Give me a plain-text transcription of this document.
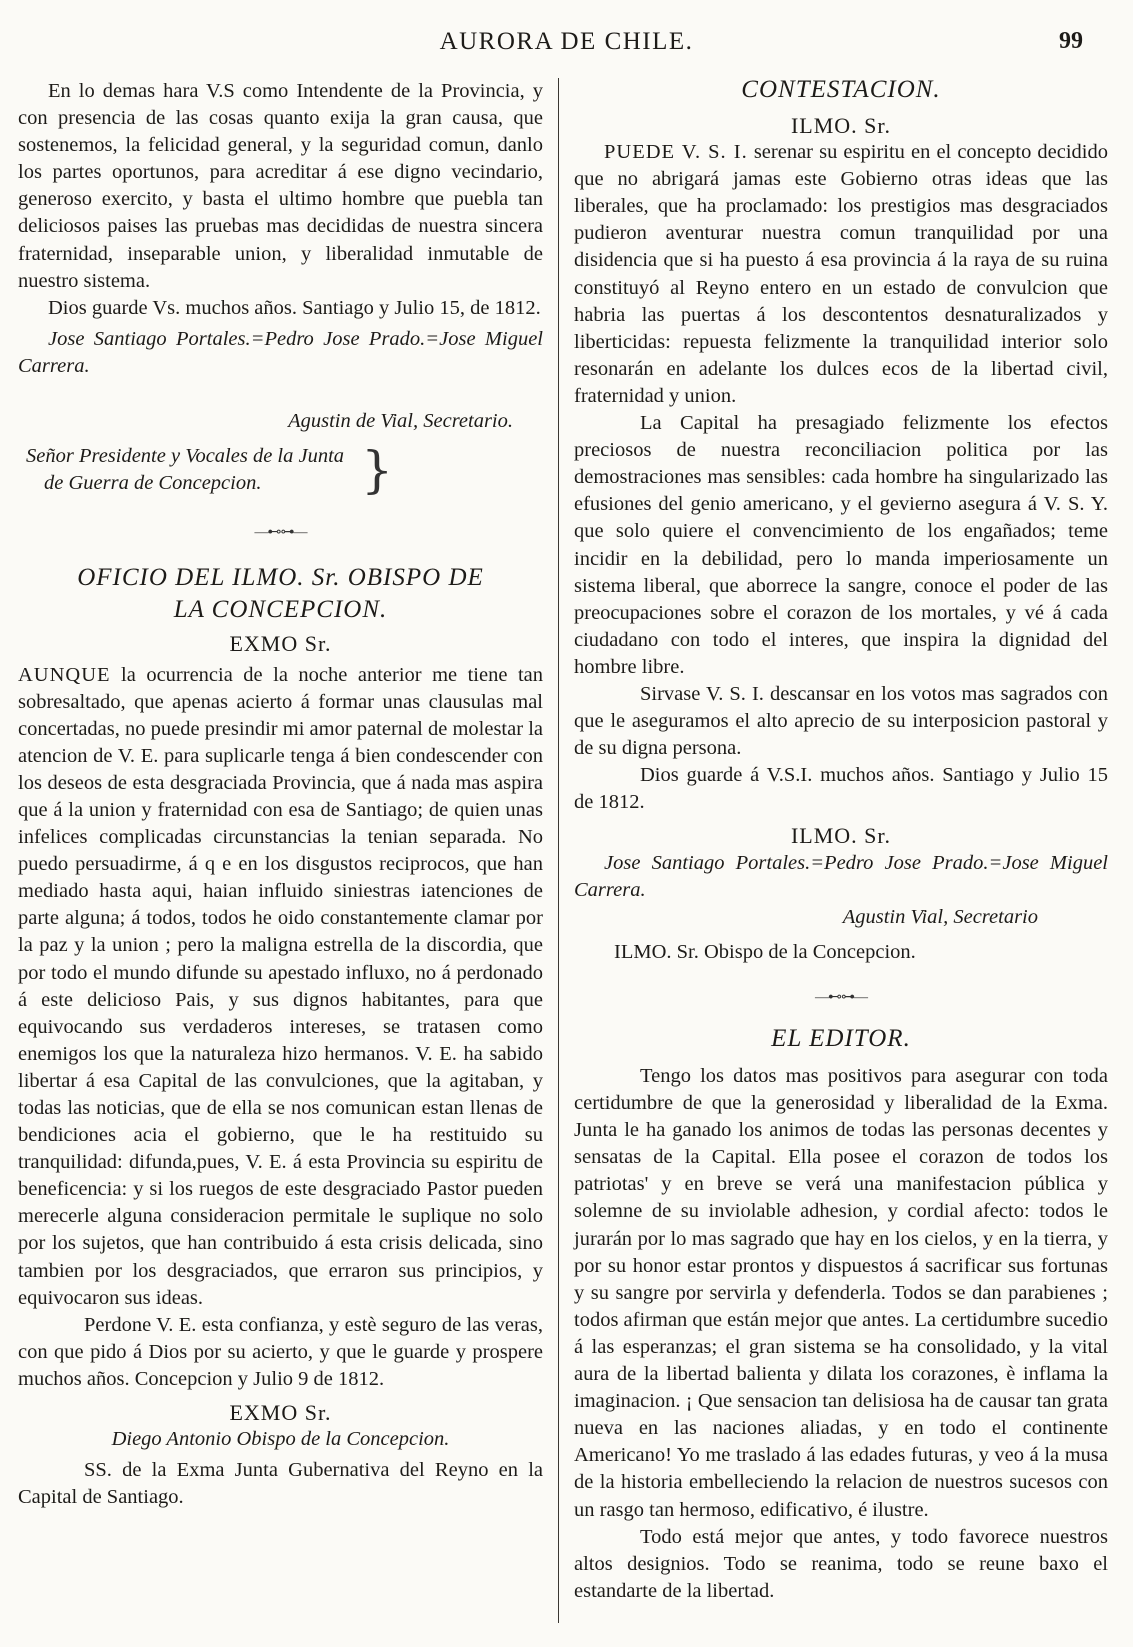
AURORA DE CHILE.	99

En lo demas hara V.S como Intendente de la Provincia, y con presencia de las cosas quanto exija la gran causa, que sostenemos, la felicidad general, y la seguridad comun, danlo los partes oportunos, para acreditar á ese digno vecindario, generoso exercito, y basta el ultimo hombre que puebla tan deliciosos paises las pruebas mas decididas de nuestra sincera fraternidad, inseparable union, y liberalidad inmutable de nuestro sistema.

Dios guarde Vs. muchos años. Santiago y Julio 15, de 1812.

Jose Santiago Portales.=Pedro Jose Prado.=Jose Miguel Carrera.

Agustin de Vial, Secretario.

Señor Presidente y Vocales de la Junta

de Guerra de Concepcion.	}

—⊷⊶—

OFICIO DEL ILMO. Sr. OBISPO DE

LA CONCEPCION.

EXMO Sr.

AUNQUE la ocurrencia de la noche anterior me tiene tan sobresaltado, que apenas acierto á formar unas clausulas mal concertadas, no puede presindir mi amor paternal de molestar la atencion de V. E. para suplicarle tenga á bien condescender con los deseos de esta desgraciada Provincia, que á nada mas aspira que á la union y fraternidad con esa de Santiago; de quien unas infelices complicadas circunstancias la tenian separada. No puedo persuadirme, á q e en los disgustos reciprocos, que han mediado hasta aqui, haian influido siniestras iatenciones de parte alguna; á todos, todos he oido constantemente clamar por la paz y la union ; pero la maligna estrella de la discordia, que por todo el mundo difunde su apestado influxo, no á perdonado á este delicioso Pais, y sus dignos habitantes, para que equivocando sus verdaderos intereses, se tratasen como enemigos los que la naturaleza hizo hermanos. V. E. ha sabido libertar á esa Capital de las convulciones, que la agitaban, y todas las noticias, que de ella se nos comunican estan llenas de bendiciones acia el gobierno, que le ha restituido su tranquilidad: difunda,pues, V. E. á esta Provincia su espiritu de beneficencia: y si los ruegos de este desgraciado Pastor pueden merecerle alguna consideracion permitale le suplique no solo por los sujetos, que han contribuido á esta crisis delicada, sino tambien por los desgraciados, que erraron sus principios, y equivocaron sus ideas.

Perdone V. E. esta confianza, y estè seguro de las veras, con que pido á Dios por su acierto, y que le guarde y prospere muchos años. Concepcion y Julio 9 de 1812.

EXMO Sr.

Diego Antonio Obispo de la Concepcion.

SS. de la Exma Junta Gubernativa del Reyno en la Capital de Santiago.

CONTESTACION.

ILMO. Sr.

PUEDE V. S. I. serenar su espiritu en el concepto decidido que no abrigará jamas este Gobierno otras ideas que las liberales, que ha proclamado: los prestigios mas desgraciados pudieron aventurar nuestra comun tranquilidad por una disidencia que si ha puesto á esa provincia á la raya de su ruina constituyó al Reyno entero en un estado de convulcion que habria las puertas á los descontentos desnaturalizados y liberticidas: repuesta felizmente la tranquilidad interior solo resonarán en adelante los dulces ecos de la libertad civil, fraternidad y union.

La Capital ha presagiado felizmente los efectos preciosos de nuestra reconciliacion politica por las demostraciones mas sensibles: cada hombre ha singularizado las efusiones del genio americano, y el gevierno asegura á V. S. Y. que solo quiere el convencimiento de los engañados; teme incidir en la debilidad, pero lo manda imperiosamente un sistema liberal, que aborrece la sangre, conoce el poder de las preocupaciones sobre el corazon de los mortales, y vé á cada ciudadano con todo el interes, que inspira la dignidad del hombre libre.

Sirvase V. S. I. descansar en los votos mas sagrados con que le aseguramos el alto aprecio de su interposicion pastoral y de su digna persona.

Dios guarde á V.S.I. muchos años. Santiago y Julio 15 de 1812.

ILMO. Sr.

Jose Santiago Portales.=Pedro Jose Prado.=Jose Miguel Carrera.

Agustin Vial, Secretario

ILMO. Sr. Obispo de la Concepcion.

—⊷⊶—

EL EDITOR.

Tengo los datos mas positivos para asegurar con toda certidumbre de que la generosidad y liberalidad de la Exma. Junta le ha ganado los animos de todas las personas decentes y sensatas de la Capital. Ella posee el corazon de todos los patriotas' y en breve se verá una manifestacion pública y solemne de su inviolable adhesion, y cordial afecto: todos le jurarán por lo mas sagrado que hay en los cielos, y en la tierra, y por su honor estar prontos y dispuestos á sacrificar sus fortunas y su sangre por servirla y defenderla. Todos se dan parabienes ; todos afirman que están mejor que antes. La certidumbre sucedio á las esperanzas; el gran sistema se ha consolidado, y la vital aura de la libertad balienta y dilata los corazones, è inflama la imaginacion. ¡ Que sensacion tan delisiosa ha de causar tan grata nueva en las naciones aliadas, y en todo el continente Americano! Yo me traslado á las edades futuras, y veo á la musa de la historia embelleciendo la relacion de nuestros sucesos con un rasgo tan hermoso, edificativo, é ilustre.

Todo está mejor que antes, y todo favorece nuestros altos designios. Todo se reanima, todo se reune baxo el estandarte de la libertad.
